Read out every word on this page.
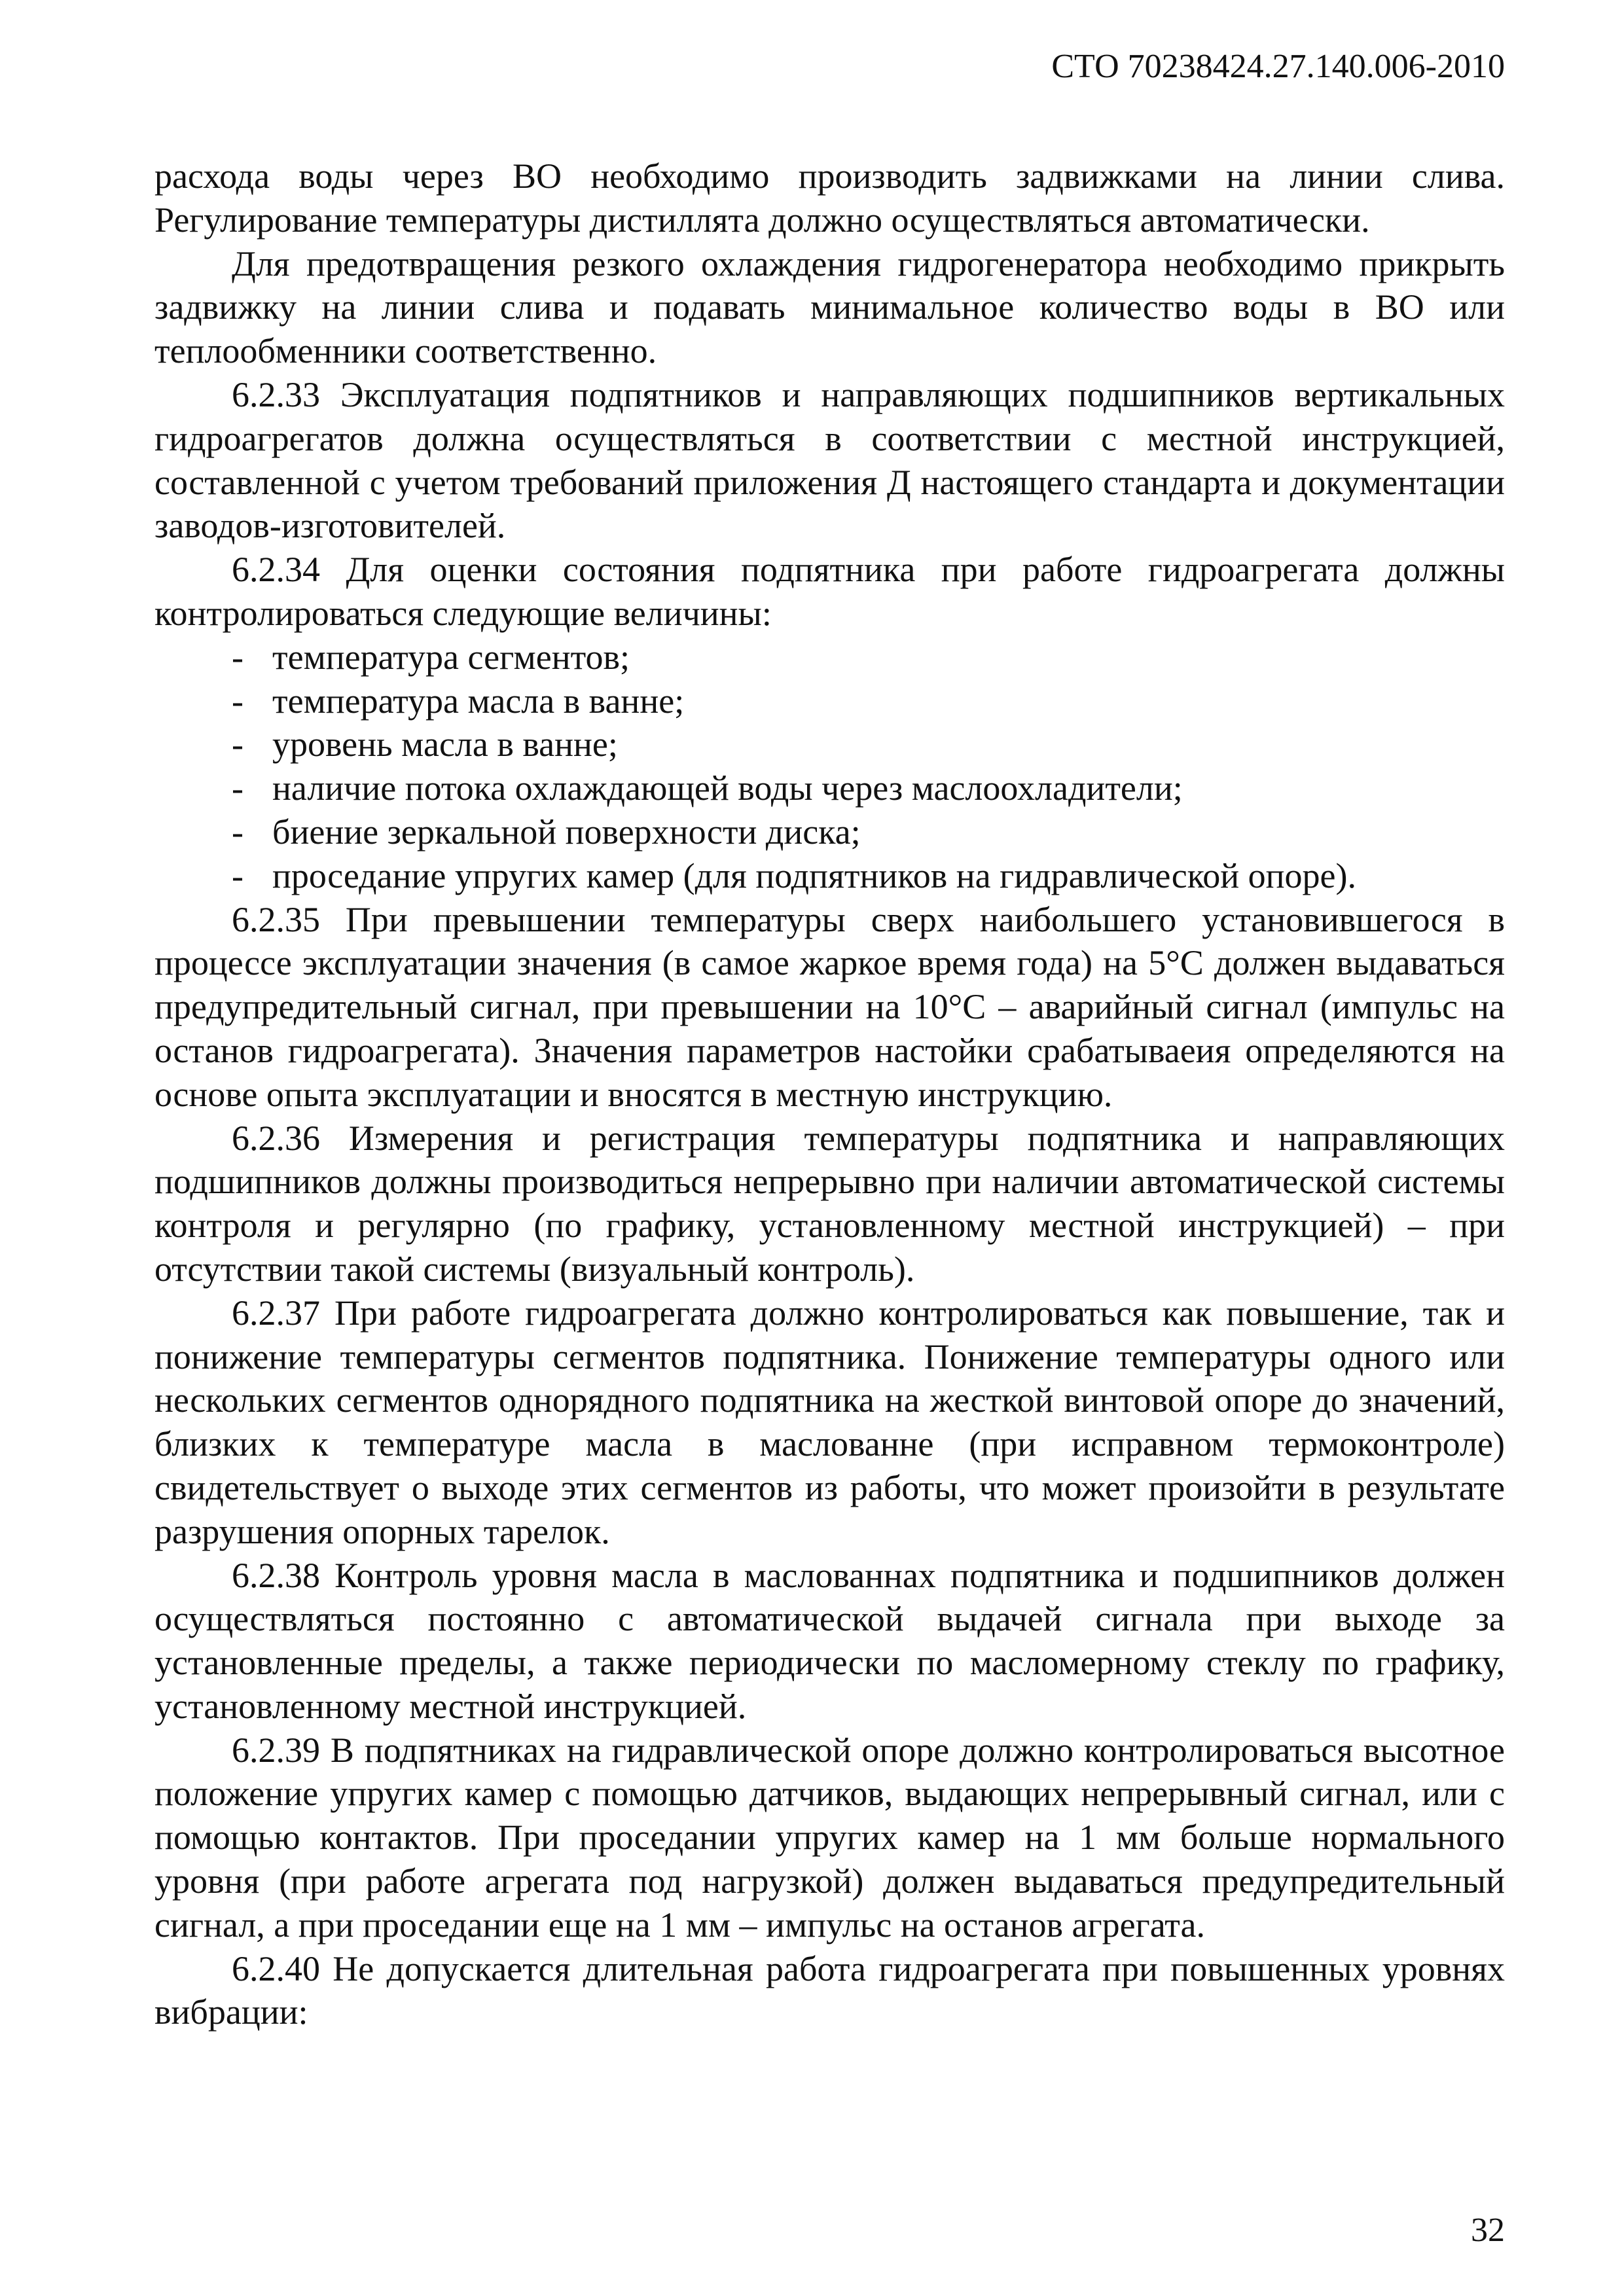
СТО 70238424.27.140.006-2010

расхода воды через ВО необходимо производить задвижками на линии слива. Регулирование температуры дистиллята должно осуществляться автоматически.

Для предотвращения резкого охлаждения гидрогенератора необходимо прикрыть задвижку на линии слива и подавать минимальное количество воды в ВО или теплообменники соответственно.

6.2.33 Эксплуатация подпятников и направляющих подшипников вертикальных гидроагрегатов должна осуществляться в соответствии с местной инструкцией, составленной с учетом требований приложения Д настоящего стандарта и документации заводов-изготовителей.

6.2.34 Для оценки состояния подпятника при работе гидроагрегата должны контролироваться следующие величины:

- температура сегментов;
- температура масла в ванне;
- уровень масла в ванне;
- наличие потока охлаждающей воды через маслоохладители;
- биение зеркальной поверхности диска;
- проседание упругих камер (для подпятников на гидравлической опоре).

6.2.35 При превышении температуры сверх наибольшего установившегося в процессе эксплуатации значения (в самое жаркое время года) на 5°С должен выдаваться предупредительный сигнал, при превышении на 10°С – аварийный сигнал (импульс на останов гидроагрегата). Значения параметров настойки срабатываеия определяются на основе опыта эксплуатации и вносятся в местную инструкцию.

6.2.36 Измерения и регистрация температуры подпятника и направляющих подшипников должны производиться непрерывно при наличии автоматической системы контроля и регулярно (по графику, установленному местной инструкцией) – при отсутствии такой системы (визуальный контроль).

6.2.37 При работе гидроагрегата должно контролироваться как повышение, так и понижение температуры сегментов подпятника. Понижение температуры одного или нескольких сегментов однорядного подпятника на жесткой винтовой опоре до значений, близких к температуре масла в маслованне (при исправном термоконтроле) свидетельствует о выходе этих сегментов из работы, что может произойти в результате разрушения опорных тарелок.

6.2.38 Контроль уровня масла в маслованнах подпятника и подшипников должен осуществляться постоянно с автоматической выдачей сигнала при выходе за установленные пределы, а также периодически по масломерному стеклу по графику, установленному местной инструкцией.

6.2.39 В подпятниках на гидравлической опоре должно контролироваться высотное положение упругих камер с помощью датчиков, выдающих непрерывный сигнал, или с помощью контактов. При проседании упругих камер на 1 мм больше нормального уровня (при работе агрегата под нагрузкой) должен выдаваться предупредительный сигнал, а при проседании еще на 1 мм – импульс на останов агрегата.

6.2.40 Не допускается длительная работа гидроагрегата при повышенных уровнях вибрации:

32
